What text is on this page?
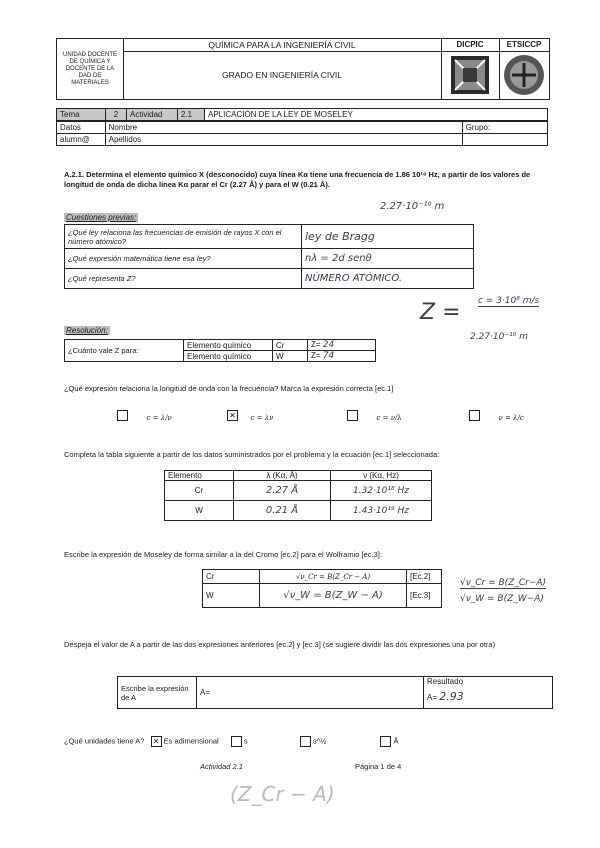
UNIDAD DOCENTE DE QUÍMICA Y DOCENTE DE LA DAD DE MATERIALES
QUÍMICA PARA LA INGENIERÍA CIVIL
GRADO EN INGENIERÍA CIVIL
DICPIC	ETSICCP
Tema	2	Actividad	2.1	APLICACIÓN DE LA LEY DE MOSELEY
Datos	Nombre	Grupo:
alumn@	Apellidos	
A.2.1. Determina el elemento químico X (desconocido) cuya línea Kα tiene una frecuencia de 1.86 10¹⁸ Hz, a partir de los valores de longitud de onda de dicha línea Kα parar el Cr (2.27 Å) y para el W (0.21 Å).
2.27·10⁻¹⁰ m
Cuestiones previas:
¿Qué ley relaciona las frecuencias de emisión de rayos X con el número atómico?	ley de Bragg
¿Qué expresión matemática tiene esa ley?	nλ = 2d senθ
¿Qué representa Z?	NÚMERO ATÓMICO.
Z = c = 3·10⁸ m/s
2.27·10⁻¹⁰ m
Resolución:
¿Cuánto vale Z para:	Elemento químico	Cr	Z= 24
	Elemento químico	W	Z= 74
¿Qué expresión relaciona la longitud de onda con la frecuencia? Marca la expresión correcta [ec.1]
c = λ/ν	✕ c = λν	c = ν/λ	ν = λ/c
Completa la tabla siguiente a partir de los datos suministrados por el problema y la ecuación [ec.1] seleccionada:
Elemento	λ (Kα, Å)	ν (Kα, Hz)
Cr	2.27 Å	1.32·10¹⁸ Hz
W	0.21 Å	1.43·10¹⁹ Hz
Escribe la expresión de Moseley de forma similar a la del Cromo [ec.2] para el Wolframio [ec.3]:
Cr	√ν_Cr = B(Z_Cr − A)	[Ec.2]
W	√ν_W = B(Z_W − A)	[Ec.3]
√ν_Cr = B(Z_Cr−A)
√ν_W = B(Z_W−A)
Despeja el valor de A a partir de las dos expresiones anteriores [ec.2] y [ec.3] (se sugiere dividir las dos expresiones una por otra)
Escribe la expresión de A	A=	
Resultado
A= 2.93
¿Qué unidades tiene A? ✕ Es adimensional	s	s^½	Å
Actividad 2.1	Página 1 de 4
(Z_Cr − A)
